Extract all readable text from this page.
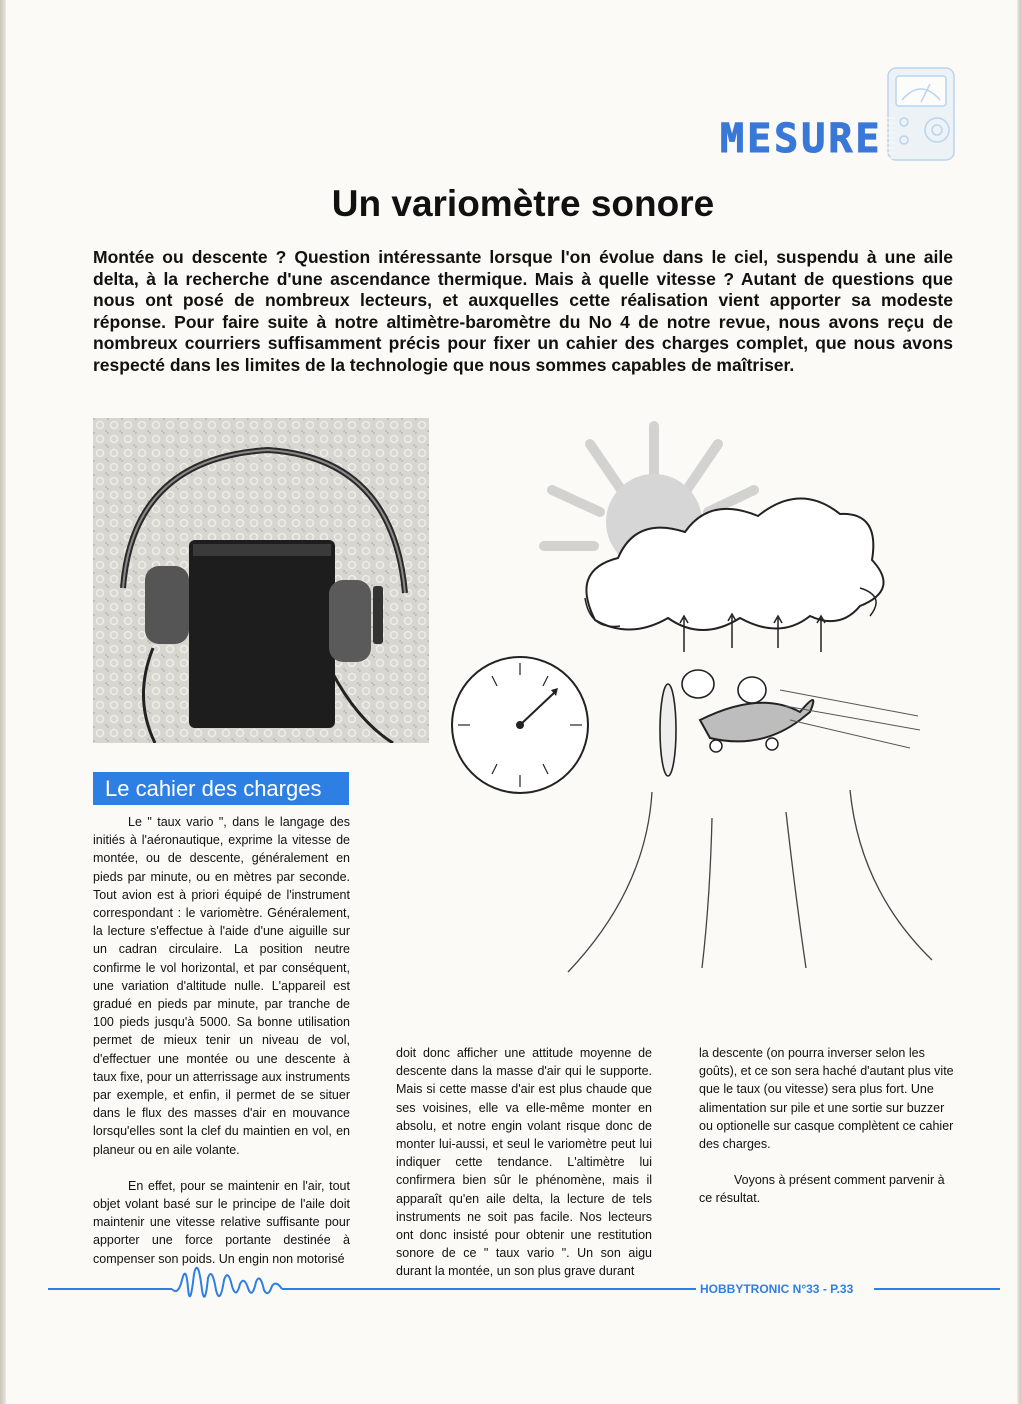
MESURE
Un variomètre sonore

Montée ou descente ? Question intéressante lorsque l'on évolue dans le ciel, suspendu à une aile delta, à la recherche d'une ascendance thermique. Mais à quelle vitesse ? Autant de questions que nous ont posé de nombreux lecteurs, et auxquelles cette réalisation vient apporter sa modeste réponse. Pour faire suite à notre altimètre-baromètre du No 4 de notre revue, nous avons reçu de nombreux courriers suffisamment précis pour fixer un cahier des charges complet, que nous avons respecté dans les limites de la technologie que nous sommes capables de maîtriser.

Le cahier des charges

Le " taux vario ", dans le langage des initiés à l'aéronautique, exprime la vitesse de montée, ou de descente, généralement en pieds par minute, ou en mètres par seconde. Tout avion est à priori équipé de l'instrument correspondant : le variomètre. Généralement, la lecture s'effectue à l'aide d'une aiguille sur un cadran circulaire. La position neutre confirme le vol horizontal, et par conséquent, une variation d'altitude nulle. L'appareil est gradué en pieds par minute, par tranche de 100 pieds jusqu'à 5000. Sa bonne utilisation permet de mieux tenir un niveau de vol, d'effectuer une montée ou une descente à taux fixe, pour un atterrissage aux instruments par exemple, et enfin, il permet de se situer dans le flux des masses d'air en mouvance lorsqu'elles sont la clef du maintien en vol, en planeur ou en aile volante.

En effet, pour se maintenir en l'air, tout objet volant basé sur le principe de l'aile doit maintenir une vitesse relative suffisante pour apporter une force portante destinée à compenser son poids. Un engin non motorisé

doit donc afficher une attitude moyenne de descente dans la masse d'air qui le supporte. Mais si cette masse d'air est plus chaude que ses voisines, elle va elle-même monter en absolu, et notre engin volant risque donc de monter lui-aussi, et seul le variomètre peut lui indiquer cette tendance. L'altimètre lui confirmera bien sûr le phénomène, mais il apparaît qu'en aile delta, la lecture de tels instruments ne soit pas facile. Nos lecteurs ont donc insisté pour obtenir une restitution sonore de ce " taux vario ". Un son aigu durant la montée, un son plus grave durant

la descente (on pourra inverser selon les goûts), et ce son sera haché d'autant plus vite que le taux (ou vitesse) sera plus fort. Une alimentation sur pile et une sortie sur buzzer ou optionelle sur casque complètent ce cahier des charges.

Voyons à présent comment parvenir à ce résultat.

HOBBYTRONIC N°33 - P.33
